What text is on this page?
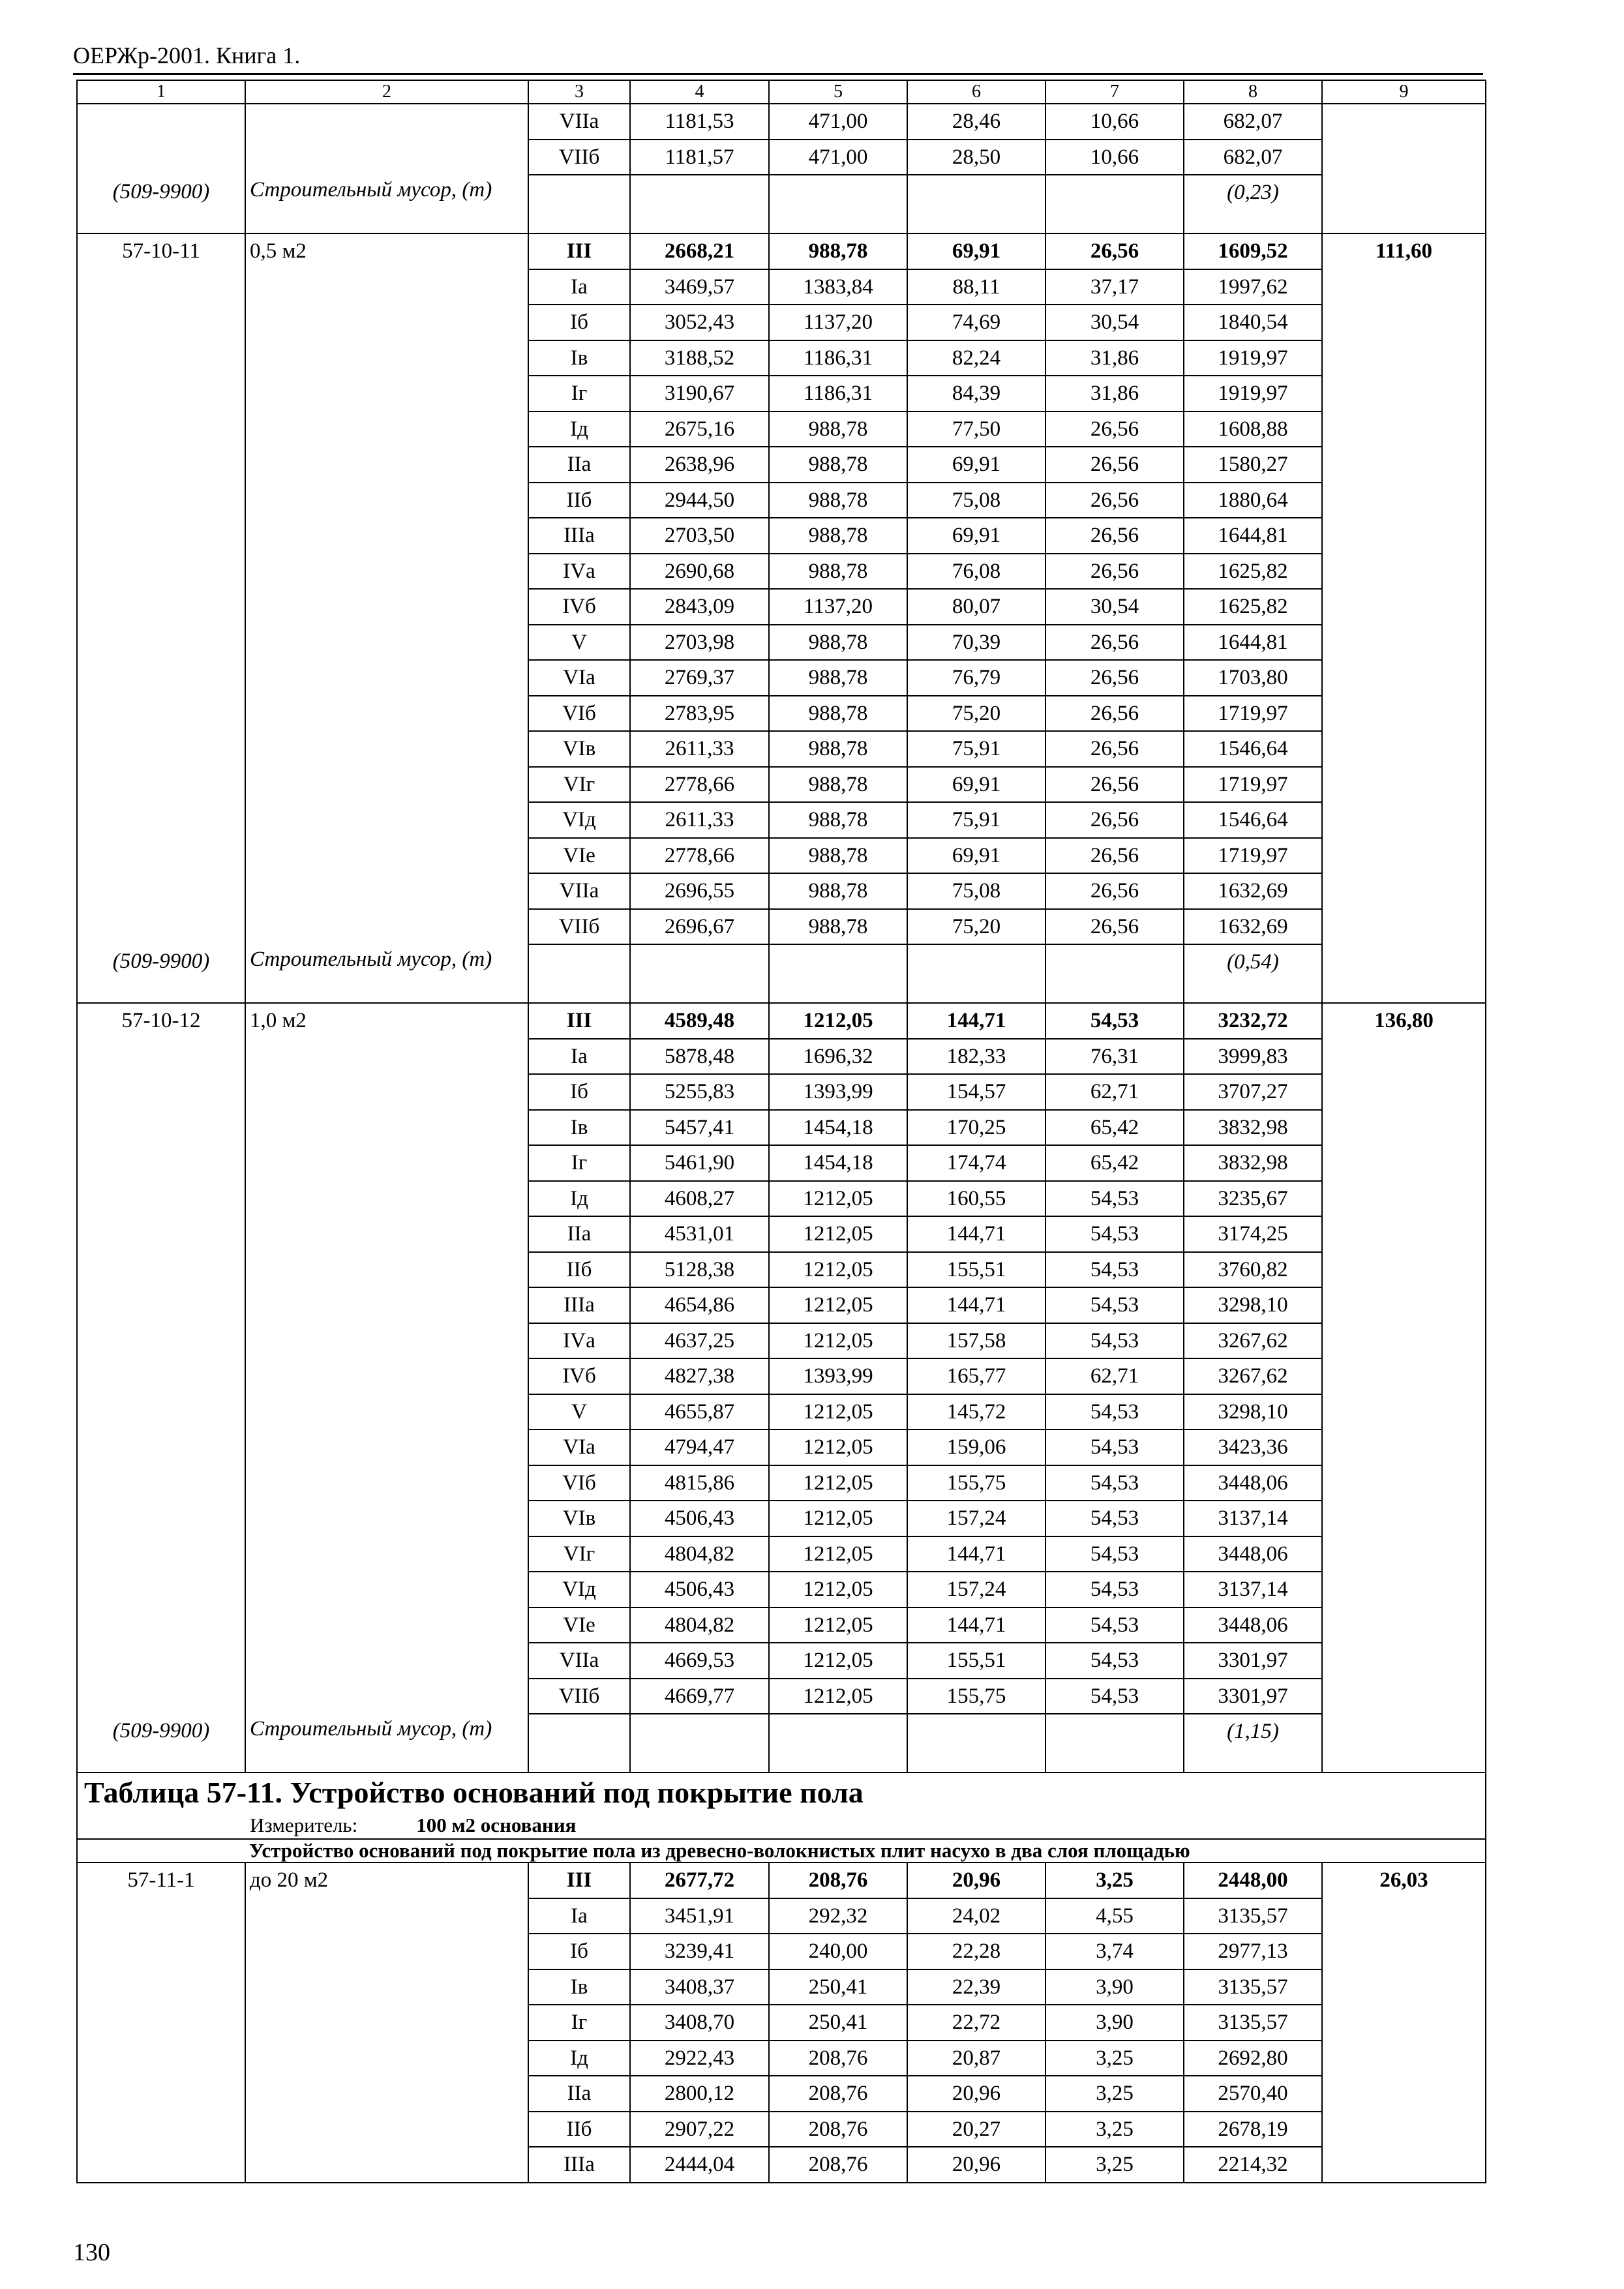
ОЕРЖр-2001. Книга 1.
1	2	3	4	5	6	7	8	9
		VIIа	1181,53	471,00	28,46	10,66	682,07	
		VIIб	1181,57	471,00	28,50	10,66	682,07	
(509-9900)	Строительный мусор, (т)						(0,23)	
57-10-11	0,5 м2	III	2668,21	988,78	69,91	26,56	1609,52	111,60
		Iа	3469,57	1383,84	88,11	37,17	1997,62	
		Iб	3052,43	1137,20	74,69	30,54	1840,54	
		Iв	3188,52	1186,31	82,24	31,86	1919,97	
		Iг	3190,67	1186,31	84,39	31,86	1919,97	
		Iд	2675,16	988,78	77,50	26,56	1608,88	
		IIа	2638,96	988,78	69,91	26,56	1580,27	
		IIб	2944,50	988,78	75,08	26,56	1880,64	
		IIIа	2703,50	988,78	69,91	26,56	1644,81	
		IVа	2690,68	988,78	76,08	26,56	1625,82	
		IVб	2843,09	1137,20	80,07	30,54	1625,82	
		V	2703,98	988,78	70,39	26,56	1644,81	
		VIа	2769,37	988,78	76,79	26,56	1703,80	
		VIб	2783,95	988,78	75,20	26,56	1719,97	
		VIв	2611,33	988,78	75,91	26,56	1546,64	
		VIг	2778,66	988,78	69,91	26,56	1719,97	
		VIд	2611,33	988,78	75,91	26,56	1546,64	
		VIе	2778,66	988,78	69,91	26,56	1719,97	
		VIIа	2696,55	988,78	75,08	26,56	1632,69	
		VIIб	2696,67	988,78	75,20	26,56	1632,69	
(509-9900)	Строительный мусор, (т)						(0,54)	
57-10-12	1,0 м2	III	4589,48	1212,05	144,71	54,53	3232,72	136,80
		Iа	5878,48	1696,32	182,33	76,31	3999,83	
		Iб	5255,83	1393,99	154,57	62,71	3707,27	
		Iв	5457,41	1454,18	170,25	65,42	3832,98	
		Iг	5461,90	1454,18	174,74	65,42	3832,98	
		Iд	4608,27	1212,05	160,55	54,53	3235,67	
		IIа	4531,01	1212,05	144,71	54,53	3174,25	
		IIб	5128,38	1212,05	155,51	54,53	3760,82	
		IIIа	4654,86	1212,05	144,71	54,53	3298,10	
		IVа	4637,25	1212,05	157,58	54,53	3267,62	
		IVб	4827,38	1393,99	165,77	62,71	3267,62	
		V	4655,87	1212,05	145,72	54,53	3298,10	
		VIа	4794,47	1212,05	159,06	54,53	3423,36	
		VIб	4815,86	1212,05	155,75	54,53	3448,06	
		VIв	4506,43	1212,05	157,24	54,53	3137,14	
		VIг	4804,82	1212,05	144,71	54,53	3448,06	
		VIд	4506,43	1212,05	157,24	54,53	3137,14	
		VIе	4804,82	1212,05	144,71	54,53	3448,06	
		VIIа	4669,53	1212,05	155,51	54,53	3301,97	
		VIIб	4669,77	1212,05	155,75	54,53	3301,97	
(509-9900)	Строительный мусор, (т)						(1,15)	

Таблица 57-11. Устройство оснований под покрытие пола
Измеритель: 100 м2 основания								

	Устройство оснований под покрытие пола из древесно-волокнистых плит насухо в два слоя площадью							
57-11-1	до 20 м2	III	2677,72	208,76	20,96	3,25	2448,00	26,03
		Iа	3451,91	292,32	24,02	4,55	3135,57	
		Iб	3239,41	240,00	22,28	3,74	2977,13	
		Iв	3408,37	250,41	22,39	3,90	3135,57	
		Iг	3408,70	250,41	22,72	3,90	3135,57	
		Iд	2922,43	208,76	20,87	3,25	2692,80	
		IIа	2800,12	208,76	20,96	3,25	2570,40	
		IIб	2907,22	208,76	20,27	3,25	2678,19	
		IIIа	2444,04	208,76	20,96	3,25	2214,32	
130
